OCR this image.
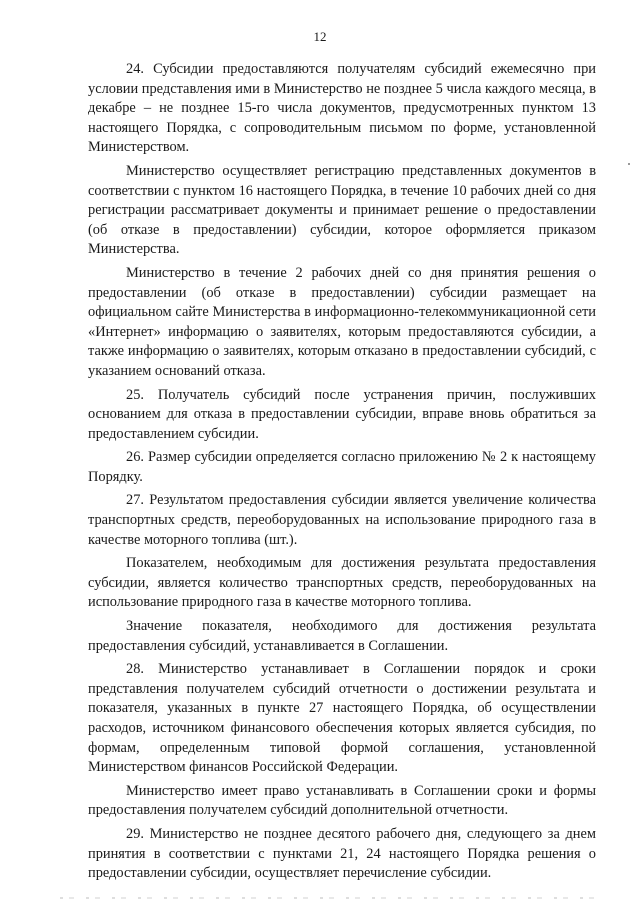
12

24. Субсидии предоставляются получателям субсидий ежемесячно при условии представления ими в Министерство не позднее 5 числа каждого месяца, в декабре – не позднее 15-го числа документов, предусмотренных пунктом 13 настоящего Порядка, с сопроводительным письмом по форме, установленной Министерством.

Министерство осуществляет регистрацию представленных документов в соответствии с пунктом 16 настоящего Порядка, в течение 10 рабочих дней со дня регистрации рассматривает документы и принимает решение о предоставлении (об отказе в предоставлении) субсидии, которое оформляется приказом Министерства.

Министерство в течение 2 рабочих дней со дня принятия решения о предоставлении (об отказе в предоставлении) субсидии размещает на официальном сайте Министерства в информационно-телекоммуникационной сети «Интернет» информацию о заявителях, которым предоставляются субсидии, а также информацию о заявителях, которым отказано в предоставлении субсидий, с указанием оснований отказа.

25. Получатель субсидий после устранения причин, послуживших основанием для отказа в предоставлении субсидии, вправе вновь обратиться за предоставлением субсидии.

26. Размер субсидии определяется согласно приложению № 2 к настоящему Порядку.

27. Результатом предоставления субсидии является увеличение количества транспортных средств, переоборудованных на использование природного газа в качестве моторного топлива (шт.).

Показателем, необходимым для достижения результата предоставления субсидии, является количество транспортных средств, переоборудованных на использование природного газа в качестве моторного топлива.

Значение показателя, необходимого для достижения результата предоставления субсидий, устанавливается в Соглашении.

28. Министерство устанавливает в Соглашении порядок и сроки представления получателем субсидий отчетности о достижении результата и показателя, указанных в пункте 27 настоящего Порядка, об осуществлении расходов, источником финансового обеспечения которых является субсидия, по формам, определенным типовой формой соглашения, установленной Министерством финансов Российской Федерации.

Министерство имеет право устанавливать в Соглашении сроки и формы предоставления получателем субсидий дополнительной отчетности.

29. Министерство не позднее десятого рабочего дня, следующего за днем принятия в соответствии с пунктами 21, 24 настоящего Порядка решения о предоставлении субсидии, осуществляет перечисление субсидии.
